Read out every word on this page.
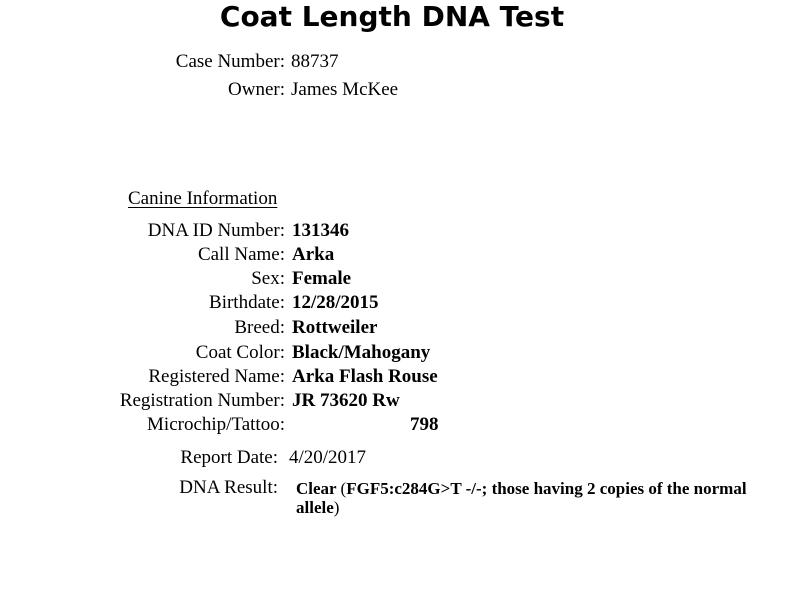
Coat Length DNA Test
Case Number: 88737
Owner: James McKee
Canine Information
DNA ID Number: 131346
Call Name: Arka
Sex: Female
Birthdate: 12/28/2015
Breed: Rottweiler
Coat Color: Black/Mahogany
Registered Name: Arka Flash Rouse
Registration Number: JR 73620 Rw
Microchip/Tattoo:	798
Report Date: 4/20/2017
DNA Result: Clear (FGF5:c284G>T -/-; those having 2 copies of the normal allele)
